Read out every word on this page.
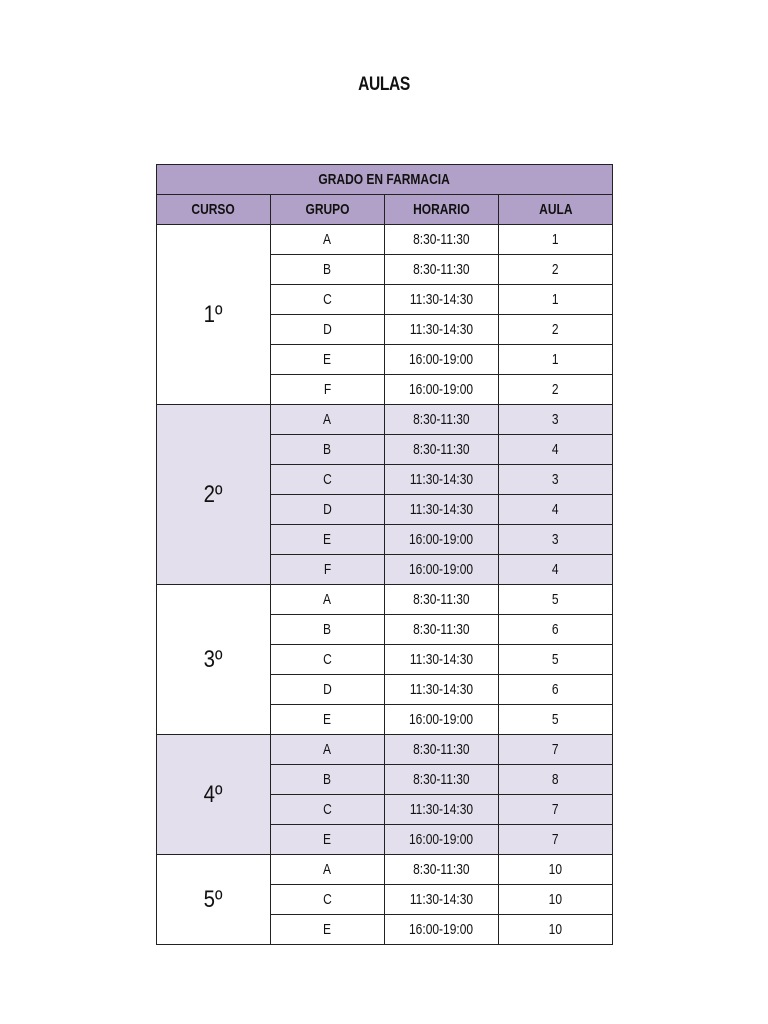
AULAS
GRADO EN FARMACIA			
CURSO	GRUPO	HORARIO	AULA
1º	A	8:30-11:30	1
	B	8:30-11:30	2
	C	11:30-14:30	1
	D	11:30-14:30	2
	E	16:00-19:00	1
	F	16:00-19:00	2
2º	A	8:30-11:30	3
	B	8:30-11:30	4
	C	11:30-14:30	3
	D	11:30-14:30	4
	E	16:00-19:00	3
	F	16:00-19:00	4
3º	A	8:30-11:30	5
	B	8:30-11:30	6
	C	11:30-14:30	5
	D	11:30-14:30	6
	E	16:00-19:00	5
4º	A	8:30-11:30	7
	B	8:30-11:30	8
	C	11:30-14:30	7
	E	16:00-19:00	7
5º	A	8:30-11:30	10
	C	11:30-14:30	10
	E	16:00-19:00	10
